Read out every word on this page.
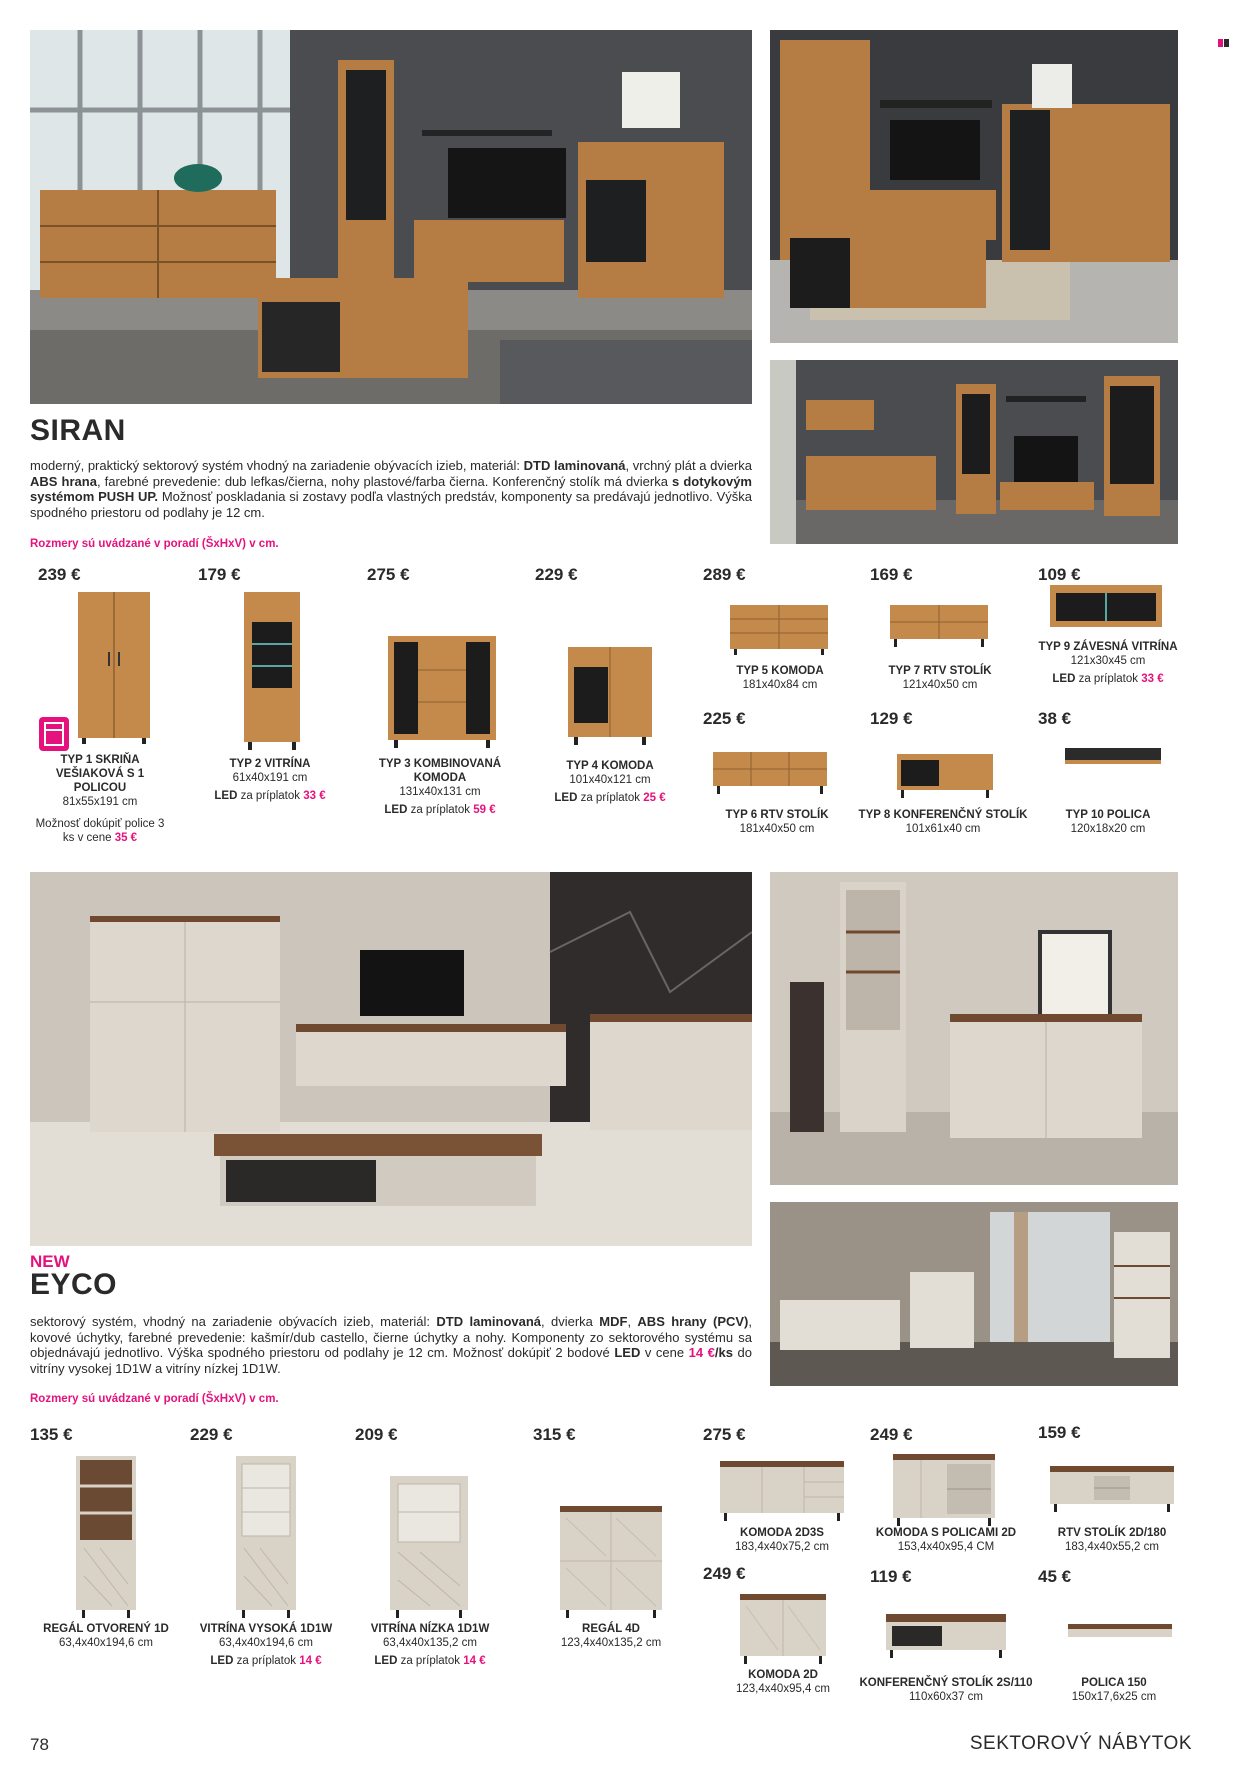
SIRAN
moderný, praktický sektorový systém vhodný na zariadenie obývacích izieb, materiál: DTD laminovaná, vrchný plát a dvierka ABS hrana, farebné prevedenie: dub lefkas/čierna, nohy plastové/farba čierna. Konferenčný stolík má dvierka s dotykovým systémom PUSH UP. Možnosť poskladania si zostavy podľa vlastných predstáv, komponenty sa predávajú jednotlivo. Výška spodného priestoru od podlahy je 12 cm.
Rozmery sú uvádzané v poradí (ŠxHxV) v cm.
239 €	179 €	275 €	229 €	289 €	169 €	109 €
225 €	129 €	38 €
TYP 1 SKRIŇA VEŠIAKOVÁ S 1 POLICOU
81x55x191 cm
Možnosť dokúpiť police 3 ks v cene 35 €
TYP 2 VITRÍNA
61x40x191 cm
LED za príplatok 33 €
TYP 3 KOMBINOVANÁ KOMODA
131x40x131 cm
LED za príplatok 59 €
TYP 4 KOMODA
101x40x121 cm
LED za príplatok 25 €
TYP 5 KOMODA
181x40x84 cm
TYP 7 RTV STOLÍK
121x40x50 cm
TYP 9 ZÁVESNÁ VITRÍNA
121x30x45 cm
LED za príplatok 33 €
TYP 6 RTV STOLÍK
181x40x50 cm
TYP 8 KONFERENČNÝ STOLÍK
101x61x40 cm
TYP 10 POLICA
120x18x20 cm
NEW
EYCO
sektorový systém, vhodný na zariadenie obývacích izieb, materiál: DTD laminovaná, dvierka MDF, ABS hrany (PCV), kovové úchytky, farebné prevedenie: kašmír/dub castello, čierne úchytky a nohy. Komponenty zo sektorového systému sa objednávajú jednotlivo. Výška spodného priestoru od podlahy je 12 cm. Možnosť dokúpiť 2 bodové LED v cene 14 €/ks do vitríny vysokej 1D1W a vitríny nízkej 1D1W.
Rozmery sú uvádzané v poradí (ŠxHxV) v cm.
135 €	229 €	209 €	315 €	275 €	249 €	159 €
249 €	119 €	45 €
REGÁL OTVORENÝ 1D
63,4x40x194,6 cm
VITRÍNA VYSOKÁ 1D1W
63,4x40x194,6 cm
LED za príplatok 14 €
VITRÍNA NÍZKA 1D1W
63,4x40x135,2 cm
LED za príplatok 14 €
REGÁL 4D
123,4x40x135,2 cm
KOMODA 2D3S
183,4x40x75,2 cm
KOMODA S POLICAMI 2D
153,4x40x95,4 CM
RTV STOLÍK 2D/180
183,4x40x55,2 cm
KOMODA 2D
123,4x40x95,4 cm	KONFERENČNÝ STOLÍK 2S/110
110x60x37 cm
POLICA 150
150x17,6x25 cm
78	SEKTOROVÝ NÁBYTOK
